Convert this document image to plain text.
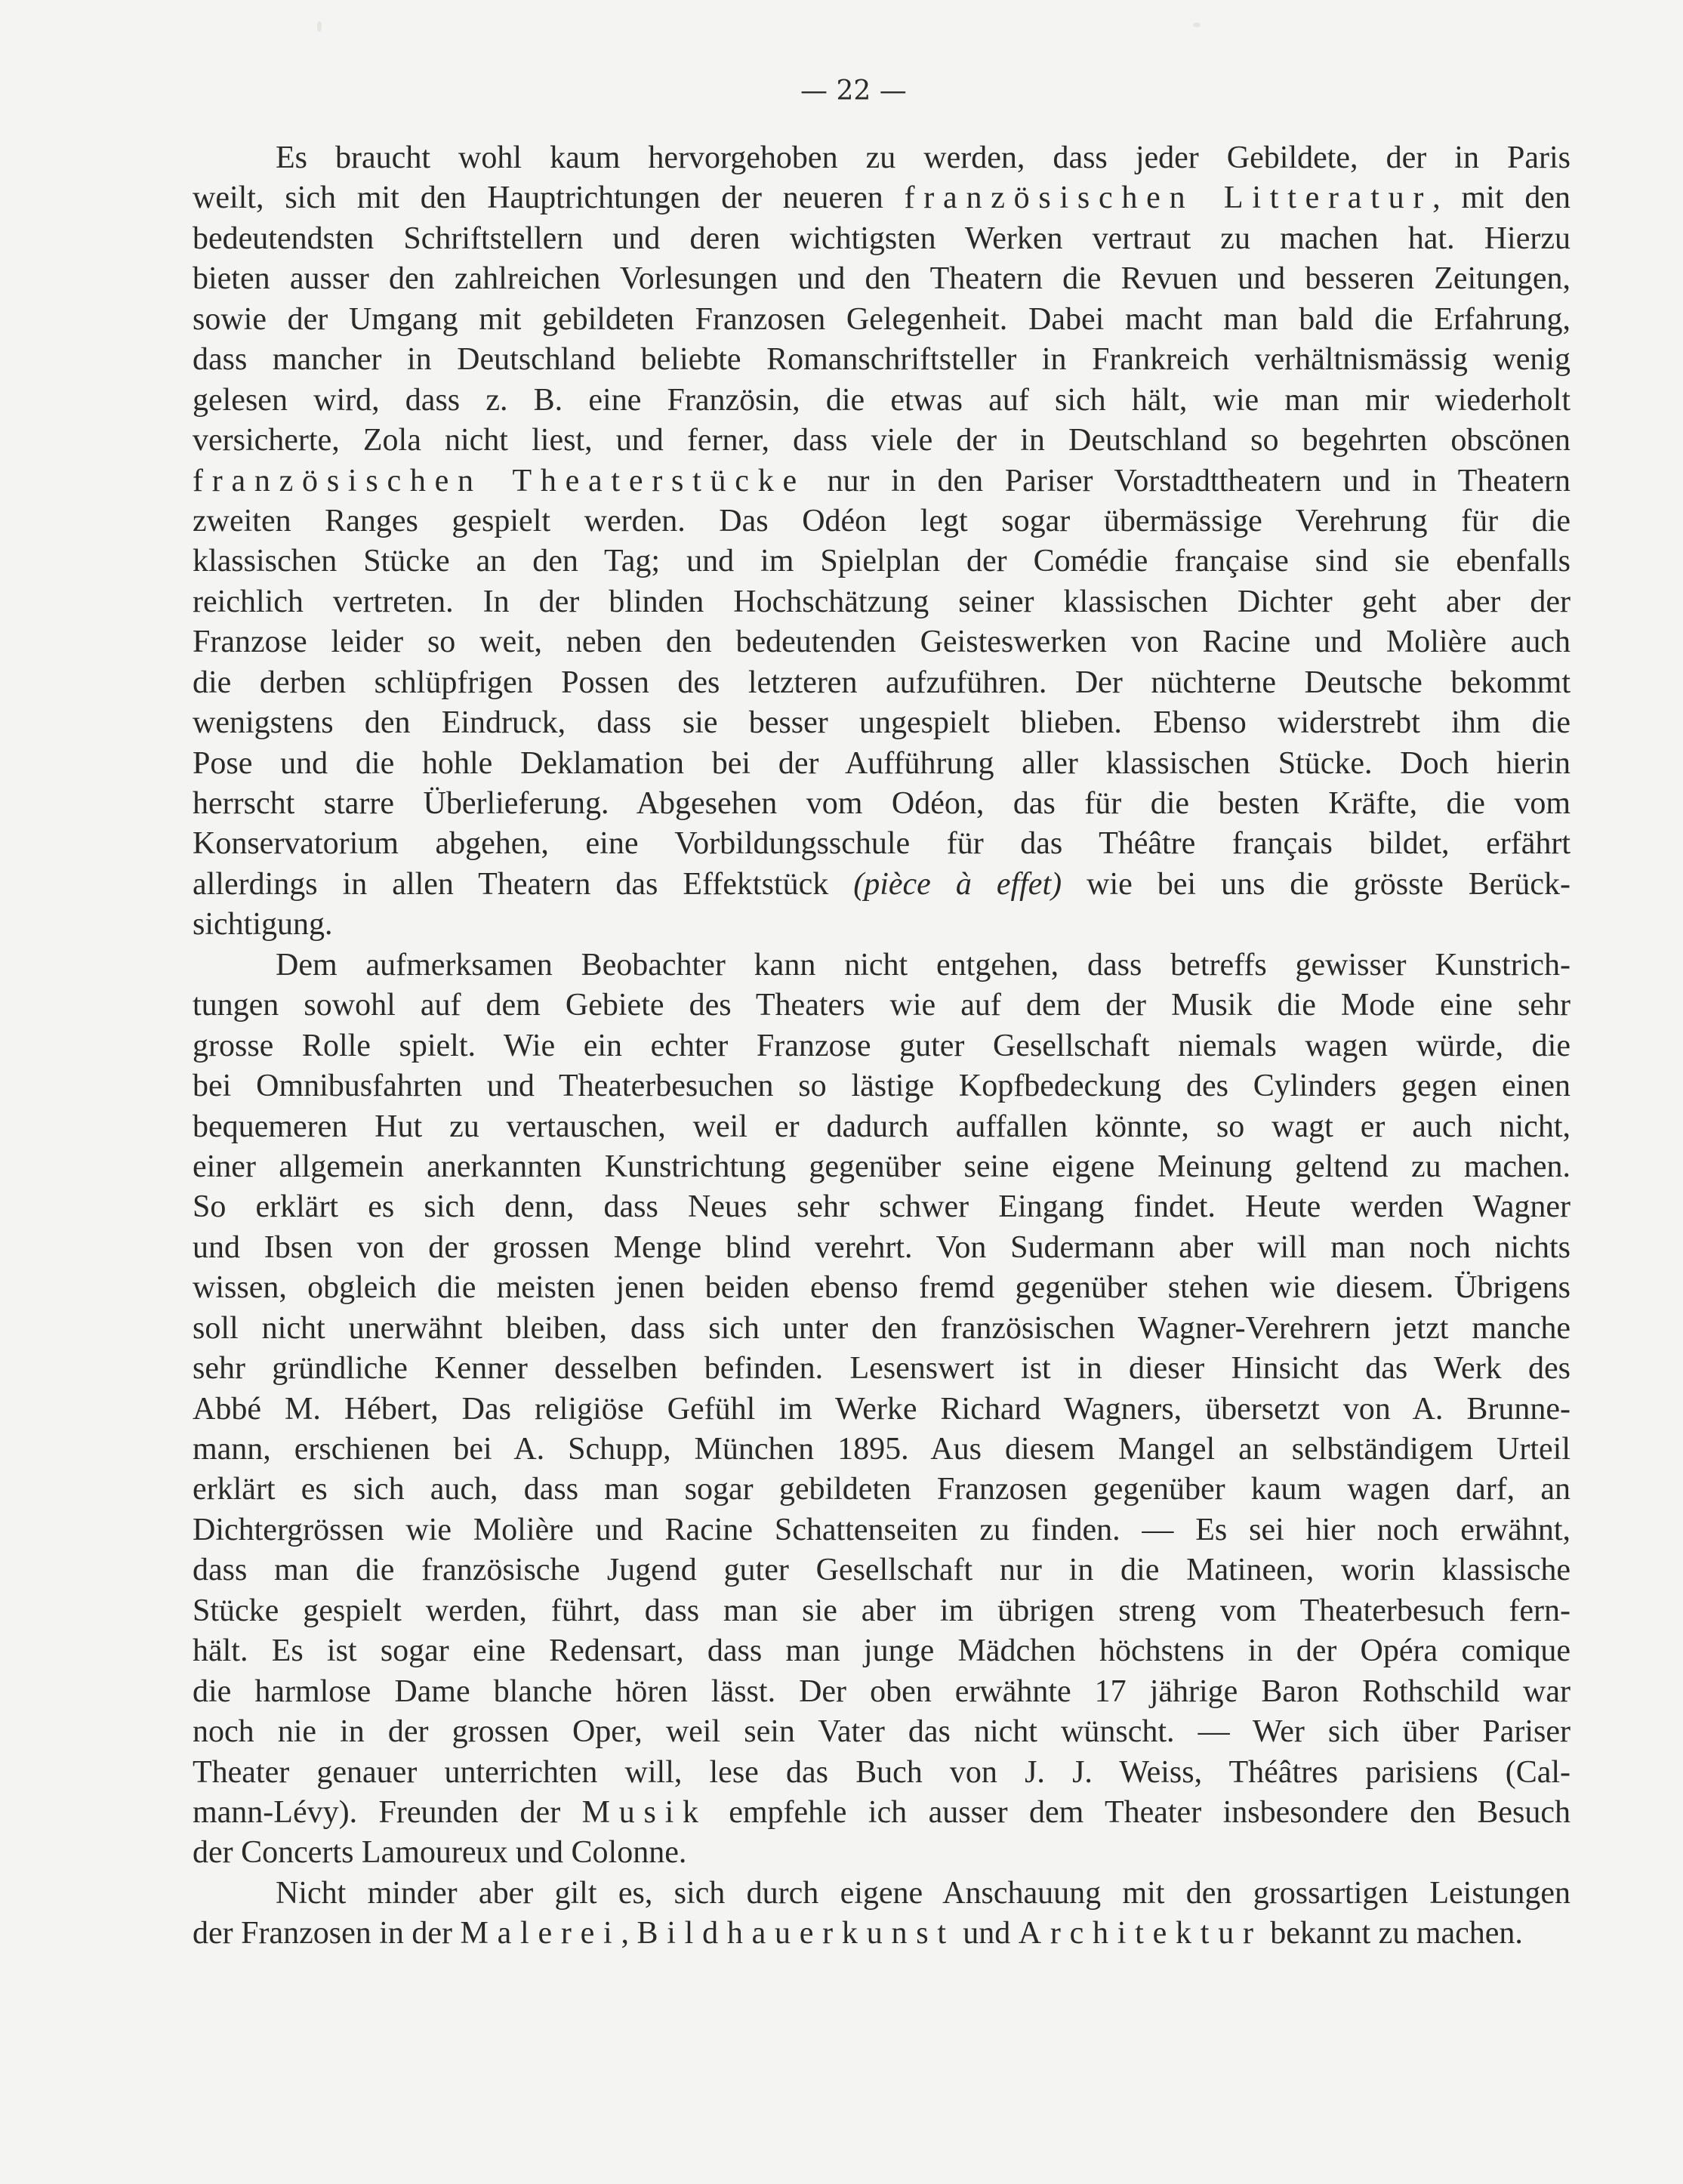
— 22 —
Es braucht wohl kaum hervorgehoben zu werden, dass jeder Gebildete, der in Paris
weilt, sich mit den Hauptrichtungen der neueren französischen Litteratur, mit den
bedeutendsten Schriftstellern und deren wichtigsten Werken vertraut zu machen hat. Hierzu
bieten ausser den zahlreichen Vorlesungen und den Theatern die Revuen und besseren Zeitungen,
sowie der Umgang mit gebildeten Franzosen Gelegenheit. Dabei macht man bald die Erfahrung,
dass mancher in Deutschland beliebte Romanschriftsteller in Frankreich verhältnismässig wenig
gelesen wird, dass z. B. eine Französin, die etwas auf sich hält, wie man mir wiederholt
versicherte, Zola nicht liest, und ferner, dass viele der in Deutschland so begehrten obscönen
französischen Theaterstücke nur in den Pariser Vorstadttheatern und in Theatern
zweiten Ranges gespielt werden. Das Odéon legt sogar übermässige Verehrung für die
klassischen Stücke an den Tag; und im Spielplan der Comédie française sind sie ebenfalls
reichlich vertreten. In der blinden Hochschätzung seiner klassischen Dichter geht aber der
Franzose leider so weit, neben den bedeutenden Geisteswerken von Racine und Molière auch
die derben schlüpfrigen Possen des letzteren aufzuführen. Der nüchterne Deutsche bekommt
wenigstens den Eindruck, dass sie besser ungespielt blieben. Ebenso widerstrebt ihm die
Pose und die hohle Deklamation bei der Aufführung aller klassischen Stücke. Doch hierin
herrscht starre Überlieferung. Abgesehen vom Odéon, das für die besten Kräfte, die vom
Konservatorium abgehen, eine Vorbildungsschule für das Théâtre français bildet, erfährt
allerdings in allen Theatern das Effektstück (pièce à effet) wie bei uns die grösste Berück-
sichtigung.
Dem aufmerksamen Beobachter kann nicht entgehen, dass betreffs gewisser Kunstrich-
tungen sowohl auf dem Gebiete des Theaters wie auf dem der Musik die Mode eine sehr
grosse Rolle spielt. Wie ein echter Franzose guter Gesellschaft niemals wagen würde, die
bei Omnibusfahrten und Theaterbesuchen so lästige Kopfbedeckung des Cylinders gegen einen
bequemeren Hut zu vertauschen, weil er dadurch auffallen könnte, so wagt er auch nicht,
einer allgemein anerkannten Kunstrichtung gegenüber seine eigene Meinung geltend zu machen.
So erklärt es sich denn, dass Neues sehr schwer Eingang findet. Heute werden Wagner
und Ibsen von der grossen Menge blind verehrt. Von Sudermann aber will man noch nichts
wissen, obgleich die meisten jenen beiden ebenso fremd gegenüber stehen wie diesem. Übrigens
soll nicht unerwähnt bleiben, dass sich unter den französischen Wagner-Verehrern jetzt manche
sehr gründliche Kenner desselben befinden. Lesenswert ist in dieser Hinsicht das Werk des
Abbé M. Hébert, Das religiöse Gefühl im Werke Richard Wagners, übersetzt von A. Brunne-
mann, erschienen bei A. Schupp, München 1895. Aus diesem Mangel an selbständigem Urteil
erklärt es sich auch, dass man sogar gebildeten Franzosen gegenüber kaum wagen darf, an
Dichtergrössen wie Molière und Racine Schattenseiten zu finden. — Es sei hier noch erwähnt,
dass man die französische Jugend guter Gesellschaft nur in die Matineen, worin klassische
Stücke gespielt werden, führt, dass man sie aber im übrigen streng vom Theaterbesuch fern-
hält. Es ist sogar eine Redensart, dass man junge Mädchen höchstens in der Opéra comique
die harmlose Dame blanche hören lässt. Der oben erwähnte 17 jährige Baron Rothschild war
noch nie in der grossen Oper, weil sein Vater das nicht wünscht. — Wer sich über Pariser
Theater genauer unterrichten will, lese das Buch von J. J. Weiss, Théâtres parisiens (Cal-
mann-Lévy). Freunden der Musik empfehle ich ausser dem Theater insbesondere den Besuch
der Concerts Lamoureux und Colonne.
Nicht minder aber gilt es, sich durch eigene Anschauung mit den grossartigen Leistungen
der Franzosen in der Malerei, Bildhauerkunst und Architektur bekannt zu machen.
